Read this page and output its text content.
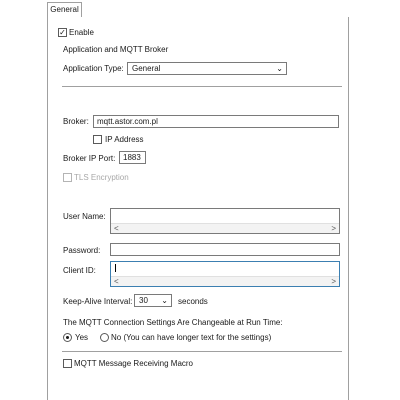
General
✓ Enable
Application and MQTT Broker
Application Type:	General	⌄
Broker:	mqtt.astor.com.pl
IP Address
Broker IP Port: 1883
TLS Encryption
User Name:
<	>
Password:
Client ID:
<	>
Keep-Alive Interval: 30 ⌄ seconds
The MQTT Connection Settings Are Changeable at Run Time:
Yes	No (You can have longer text for the settings)
MQTT Message Receiving Macro
